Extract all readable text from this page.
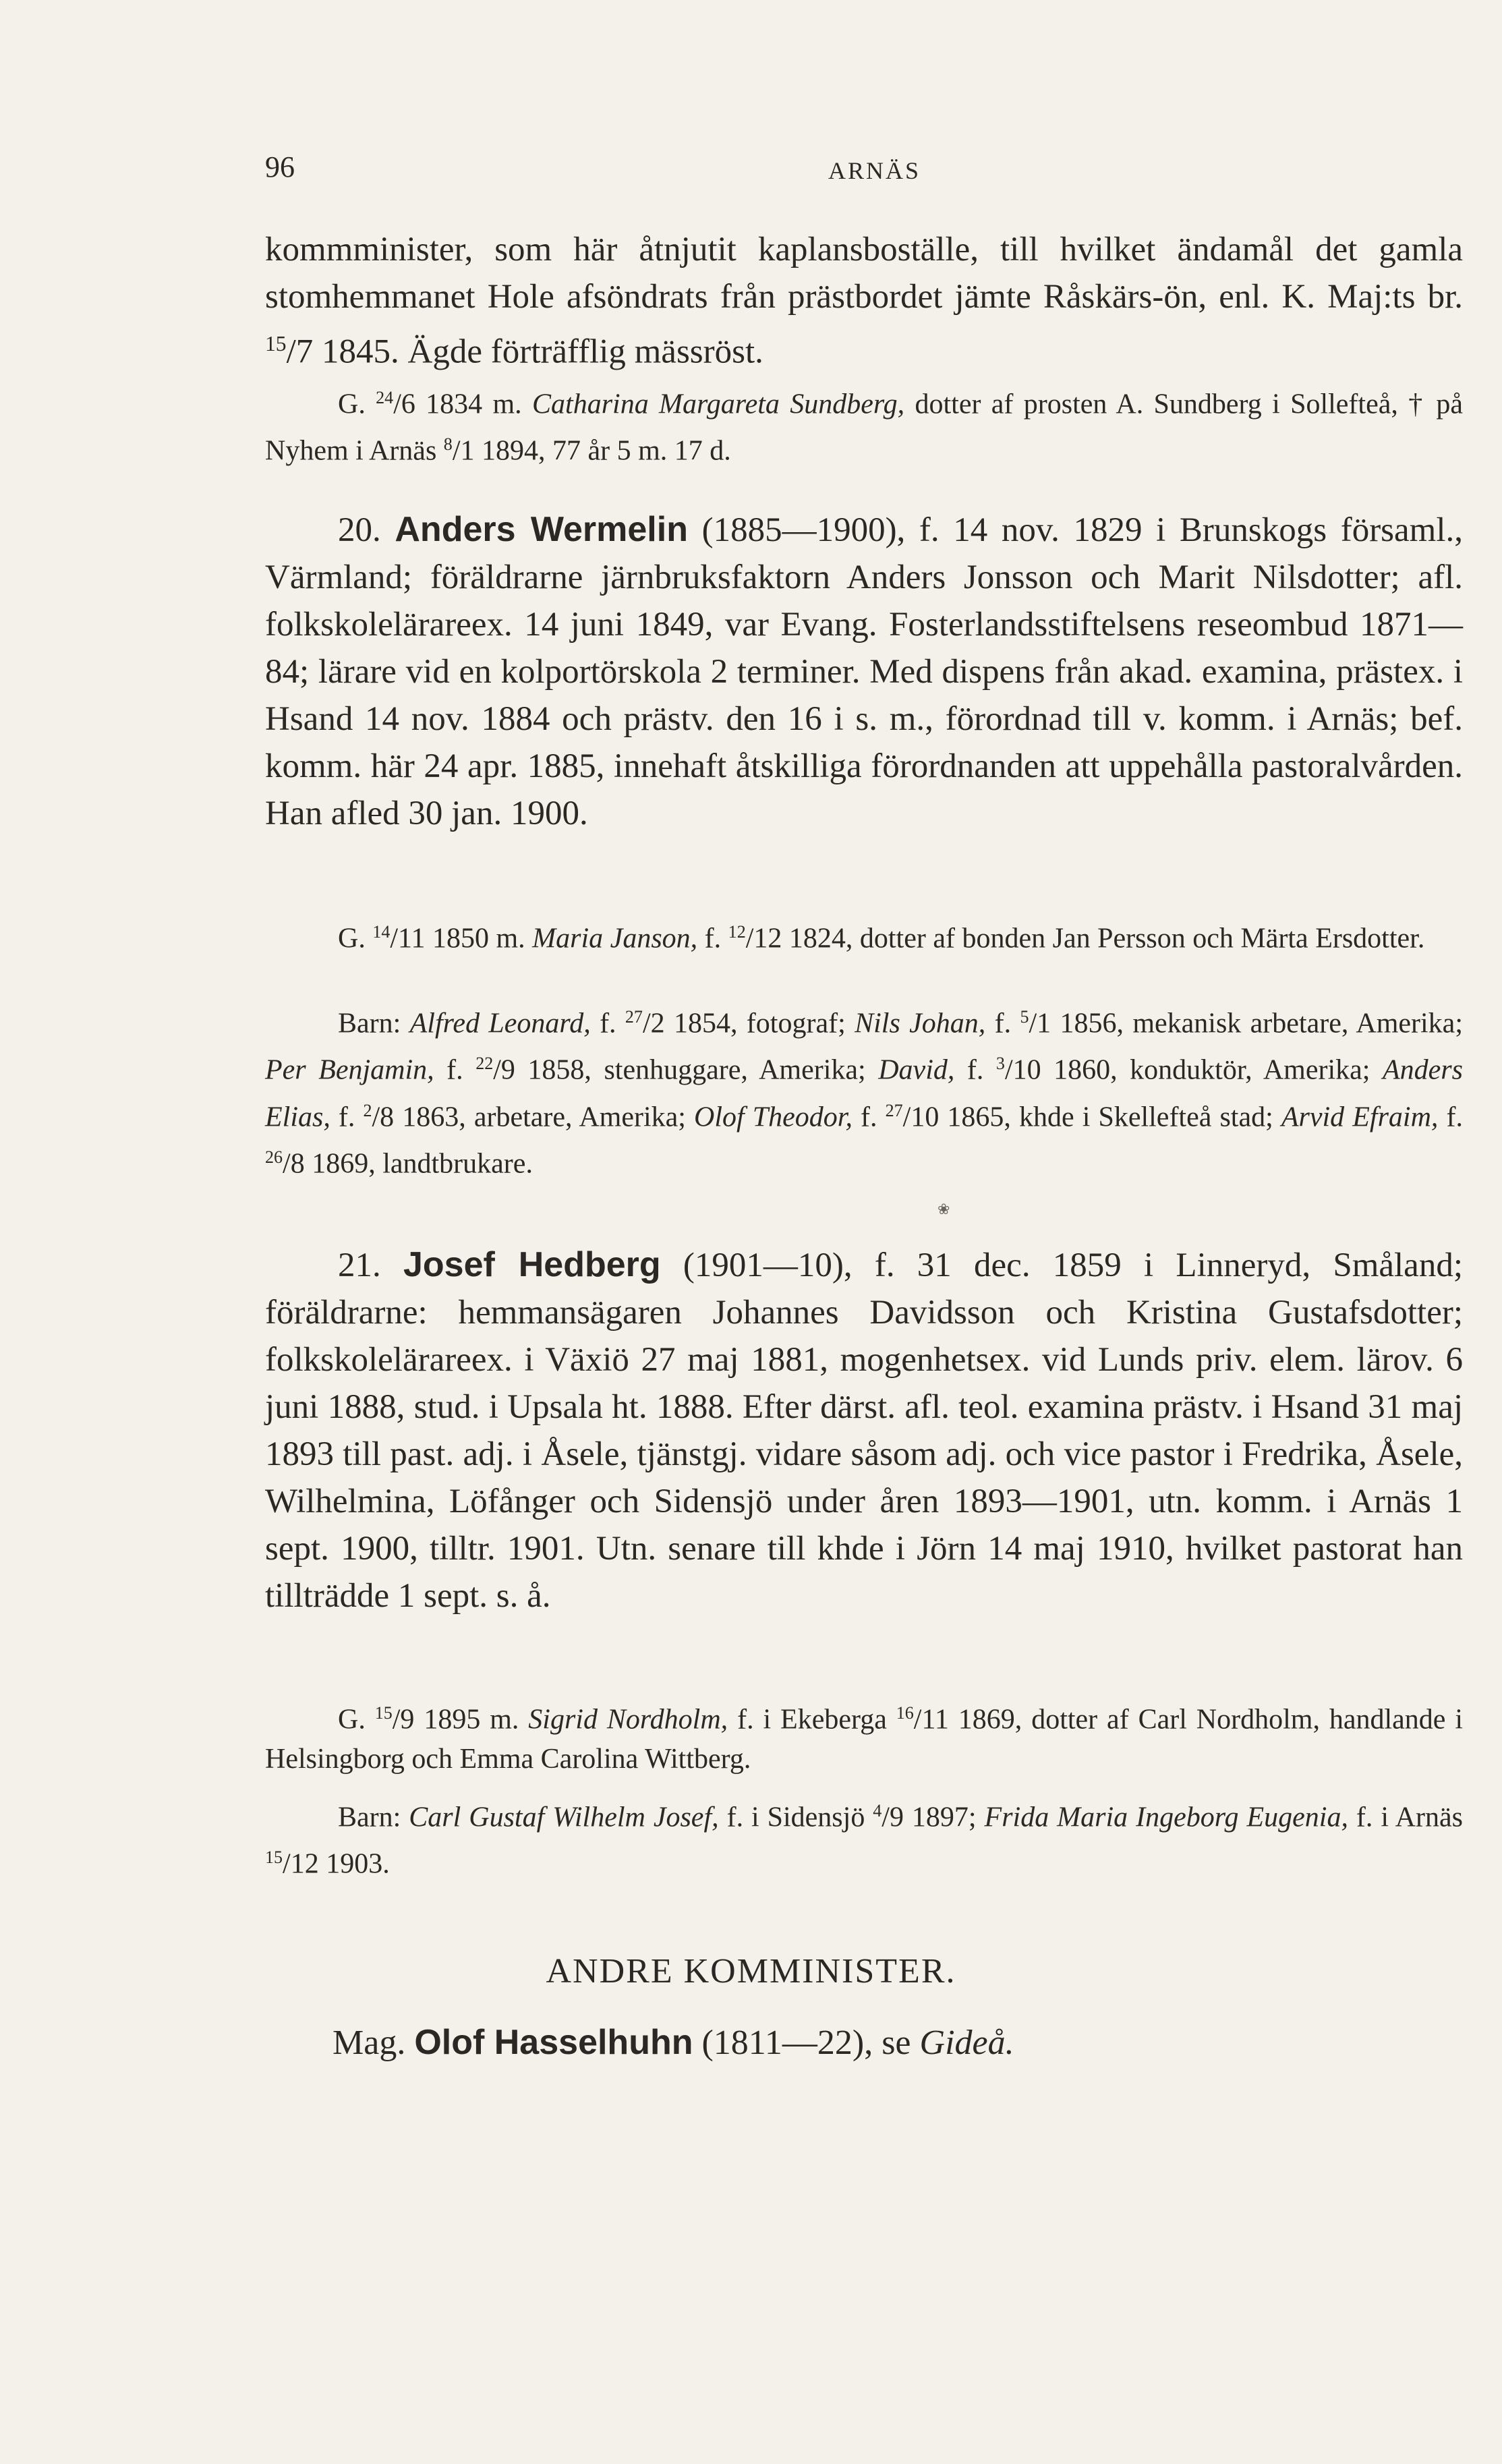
96	ARNÄS

kommminister, som här åtnjutit kaplansboställe, till hvilket ändamål det gamla stomhemmanet Hole afsöndrats från prästbordet jämte Råskärs-ön, enl. K. Maj:ts br. $^{15}$/7 1845. Ägde förträfflig mässröst.

G. $^{24}$/6 1834 m. Catharina Margareta Sundberg, dotter af prosten A. Sundberg i Sollefteå, † på Nyhem i Arnäs $^8$/1 1894, 77 år 5 m. 17 d.

20. Anders Wermelin (1885—1900), f. 14 nov. 1829 i Brunskogs församl., Värmland; föräldrarne järnbruksfaktorn Anders Jonsson och Marit Nilsdotter; afl. folkskolelärareex. 14 juni 1849, var Evang. Fosterlandsstiftelsens reseombud 1871—84; lärare vid en kolportörskola 2 terminer. Med dispens från akad. examina, prästex. i Hsand 14 nov. 1884 och prästv. den 16 i s. m., förordnad till v. komm. i Arnäs; bef. komm. här 24 apr. 1885, innehaft åtskilliga förordnanden att uppehålla pastoralvården. Han afled 30 jan. 1900.

G. $^{14}$/11 1850 m. Maria Janson, f. $^{12}$/12 1824, dotter af bonden Jan Persson och Märta Ersdotter.

Barn: Alfred Leonard, f. $^{27}$/2 1854, fotograf; Nils Johan, f. $^5$/1 1856, mekanisk arbetare, Amerika; Per Benjamin, f. $^{22}$/9 1858, stenhuggare, Amerika; David, f. $^3$/10 1860, konduktör, Amerika; Anders Elias, f. $^2$/8 1863, arbetare, Amerika; Olof Theodor, f. $^{27}$/10 1865, khde i Skellefteå stad; Arvid Efraim, f. $^{26}$/8 1869, landtbrukare.

❀

21. Josef Hedberg (1901—10), f. 31 dec. 1859 i Linneryd, Småland; föräldrarne: hemmansägaren Johannes Davidsson och Kristina Gustafsdotter; folkskolelärareex. i Växiö 27 maj 1881, mogenhetsex. vid Lunds priv. elem. lärov. 6 juni 1888, stud. i Upsala ht. 1888. Efter därst. afl. teol. examina prästv. i Hsand 31 maj 1893 till past. adj. i Åsele, tjänstgj. vidare såsom adj. och vice pastor i Fredrika, Åsele, Wilhelmina, Löfånger och Sidensjö under åren 1893—1901, utn. komm. i Arnäs 1 sept. 1900, tilltr. 1901. Utn. senare till khde i Jörn 14 maj 1910, hvilket pastorat han tillträdde 1 sept. s. å.

G. $^{15}$/9 1895 m. Sigrid Nordholm, f. i Ekeberga $^{16}$/11 1869, dotter af Carl Nordholm, handlande i Helsingborg och Emma Carolina Wittberg.

Barn: Carl Gustaf Wilhelm Josef, f. i Sidensjö $^4$/9 1897; Frida Maria Ingeborg Eugenia, f. i Arnäs $^{15}$/12 1903.

ANDRE KOMMINISTER.
Mag. Olof Hasselhuhn (1811—22), se Gideå.
